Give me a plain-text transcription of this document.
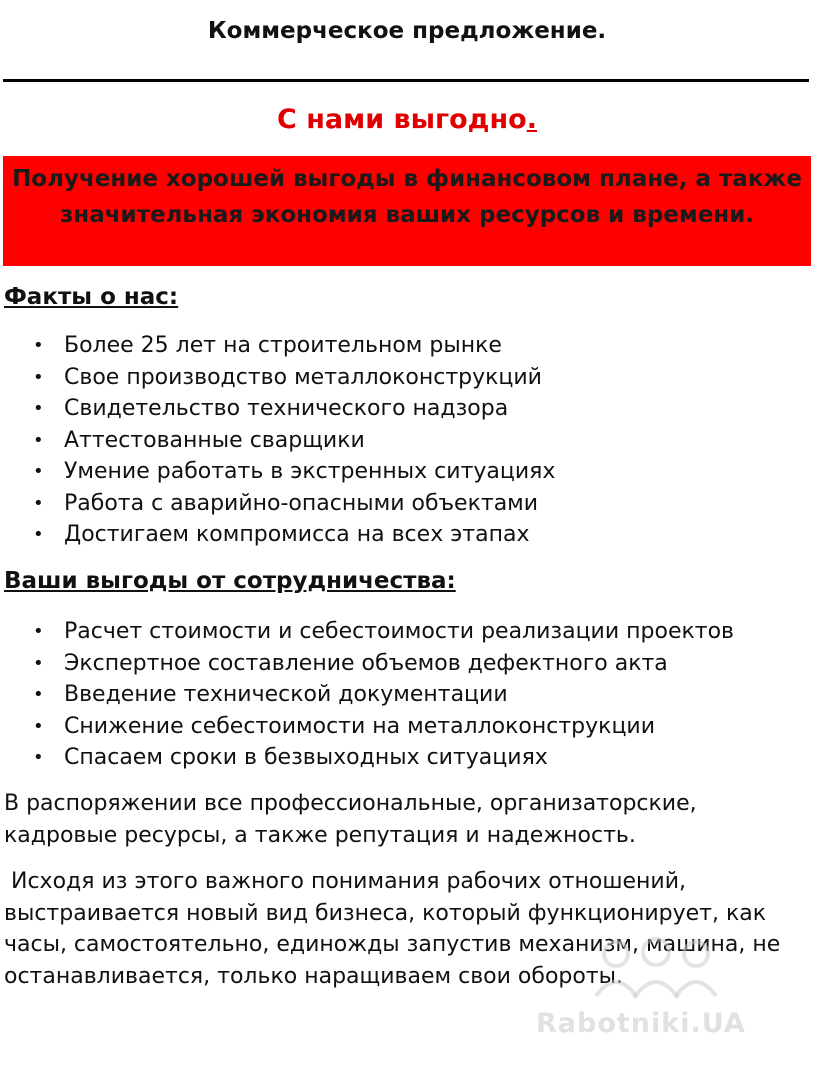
Коммерческое предложение.
С нами выгодно.

Получение хорошей выгоды в финансовом плане, а также значительная экономия ваших ресурсов и времени.

Факты о нас:
• Более 25 лет на строительном рынке
• Свое производство металлоконструкций
• Свидетельство технического надзора
• Аттестованные сварщики
• Умение работать в экстренных ситуациях
• Работа с аварийно-опасными объектами
• Достигаем компромисса на всех этапах
Ваши выгоды от сотрудничества:
• Расчет стоимости и себестоимости реализации проектов
• Экспертное составление объемов дефектного акта
• Введение технической документации
• Снижение себестоимости на металлоконструкции
• Спасаем сроки в безвыходных ситуациях

В распоряжении все профессиональные, организаторские, кадровые ресурсы, а также репутация и надежность.

Исходя из этого важного понимания рабочих отношений, выстраивается новый вид бизнеса, который функционирует, как часы, самостоятельно, единожды запустив механизм, машина, не останавливается, только наращиваем свои обороты.

Rabotniki.UA
